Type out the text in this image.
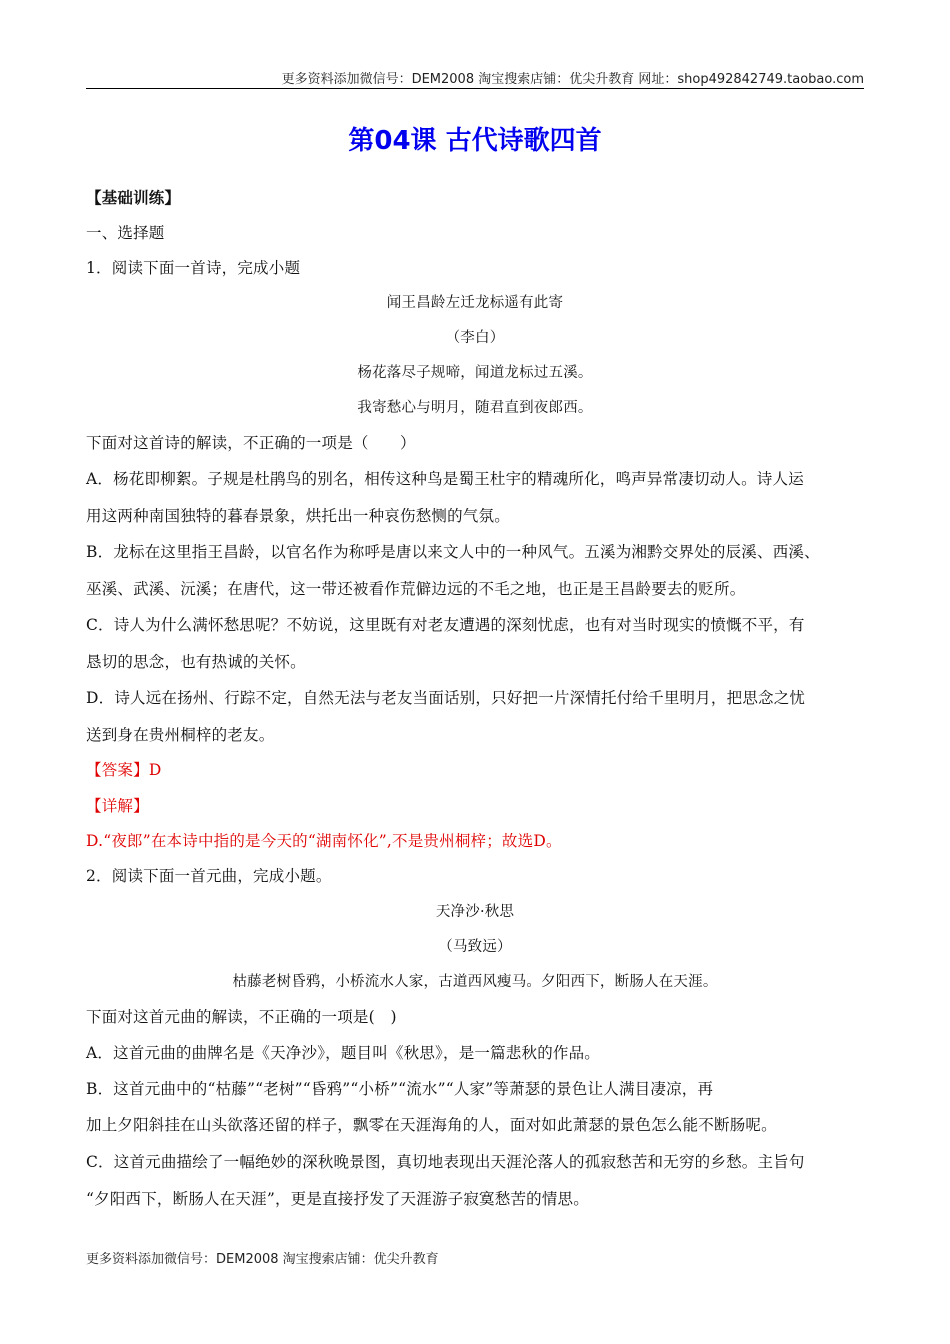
更多资料添加微信号：DEM2008 淘宝搜索店铺：优尖升教育 网址：shop492842749.taobao.com
第04课 古代诗歌四首
【基础训练】
一、选择题
1．阅读下面一首诗，完成小题
闻王昌龄左迁龙标遥有此寄
（李白）
杨花落尽子规啼，闻道龙标过五溪。
我寄愁心与明月，随君直到夜郎西。
下面对这首诗的解读，不正确的一项是（　　）
A．杨花即柳絮。子规是杜鹃鸟的别名，相传这种鸟是蜀王杜宇的精魂所化，鸣声异常凄切动人。诗人运
用这两种南国独特的暮春景象，烘托出一种哀伤愁恻的气氛。
B．龙标在这里指王昌龄，以官名作为称呼是唐以来文人中的一种风气。五溪为湘黔交界处的辰溪、西溪、
巫溪、武溪、沅溪；在唐代，这一带还被看作荒僻边远的不毛之地，也正是王昌龄要去的贬所。
C．诗人为什么满怀愁思呢？不妨说，这里既有对老友遭遇的深刻忧虑，也有对当时现实的愤慨不平，有
恳切的思念，也有热诚的关怀。
D．诗人远在扬州、行踪不定，自然无法与老友当面话别，只好把一片深情托付给千里明月，把思念之忧
送到身在贵州桐梓的老友。
【答案】D
【详解】
D.“夜郎”在本诗中指的是今天的“湖南怀化”,不是贵州桐梓；故选D。
2．阅读下面一首元曲，完成小题。
天净沙·秋思
（马致远）
枯藤老树昏鸦，小桥流水人家，古道西风瘦马。夕阳西下，断肠人在天涯。
下面对这首元曲的解读，不正确的一项是(　)
A．这首元曲的曲牌名是《天净沙》，题目叫《秋思》，是一篇悲秋的作品。
B．这首元曲中的“枯藤”“老树”“昏鸦”“小桥”“流水”“人家”等萧瑟的景色让人满目凄凉，再
加上夕阳斜挂在山头欲落还留的样子，飘零在天涯海角的人，面对如此萧瑟的景色怎么能不断肠呢。
C．这首元曲描绘了一幅绝妙的深秋晚景图，真切地表现出天涯沦落人的孤寂愁苦和无穷的乡愁。主旨句
“夕阳西下，断肠人在天涯”，更是直接抒发了天涯游子寂寞愁苦的情思。
更多资料添加微信号：DEM2008 淘宝搜索店铺：优尖升教育
